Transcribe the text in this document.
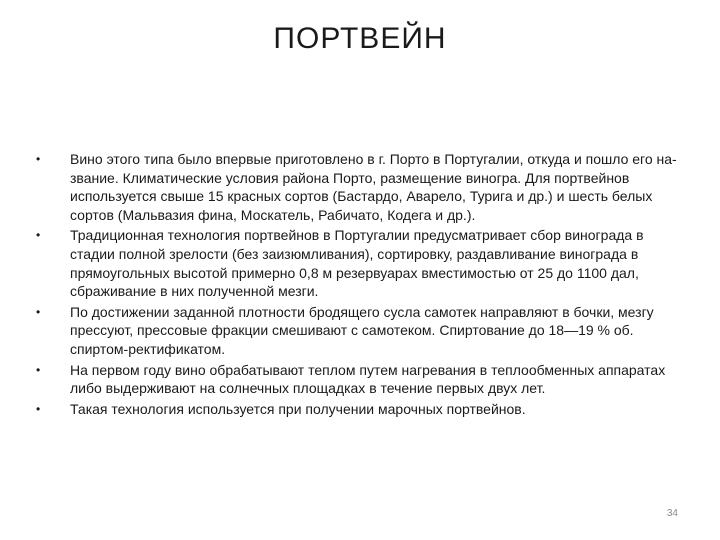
ПОРТВЕЙН
•	Вино этого типа было впервые приготовлено в г. Порто в Португалии, откуда и пошло его на-звание. Климатические условия района Порто, размещение виногра. Для портвейнов используется свыше 15 красных сортов (Бастардо, Аварело, Турига и др.) и шесть белых сортов (Мальвазия фина, Москатель, Рабичато, Кодега и др.).
•	Традиционная технология портвейнов в Португалии предусматривает сбор винограда в стадии полной зрелости (без заизюмливания), сортировку, раздавливание винограда в прямоугольных высотой примерно 0,8 м резервуарах вместимостью от 25 до 1100 дал, сбраживание в них полученной мезги.
•	По достижении заданной плотности бродящего сусла самотек направляют в бочки, мезгу прессуют, прессовые фракции смешивают с самотеком. Спиртование до 18—19 % об. спиртом-ректификатом.
•	На первом году вино обрабатывают теплом путем нагревания в теплообменных аппаратах либо выдерживают на солнечных площадках в течение первых двух лет.
•	Такая технология используется при получении марочных портвейнов.
34
